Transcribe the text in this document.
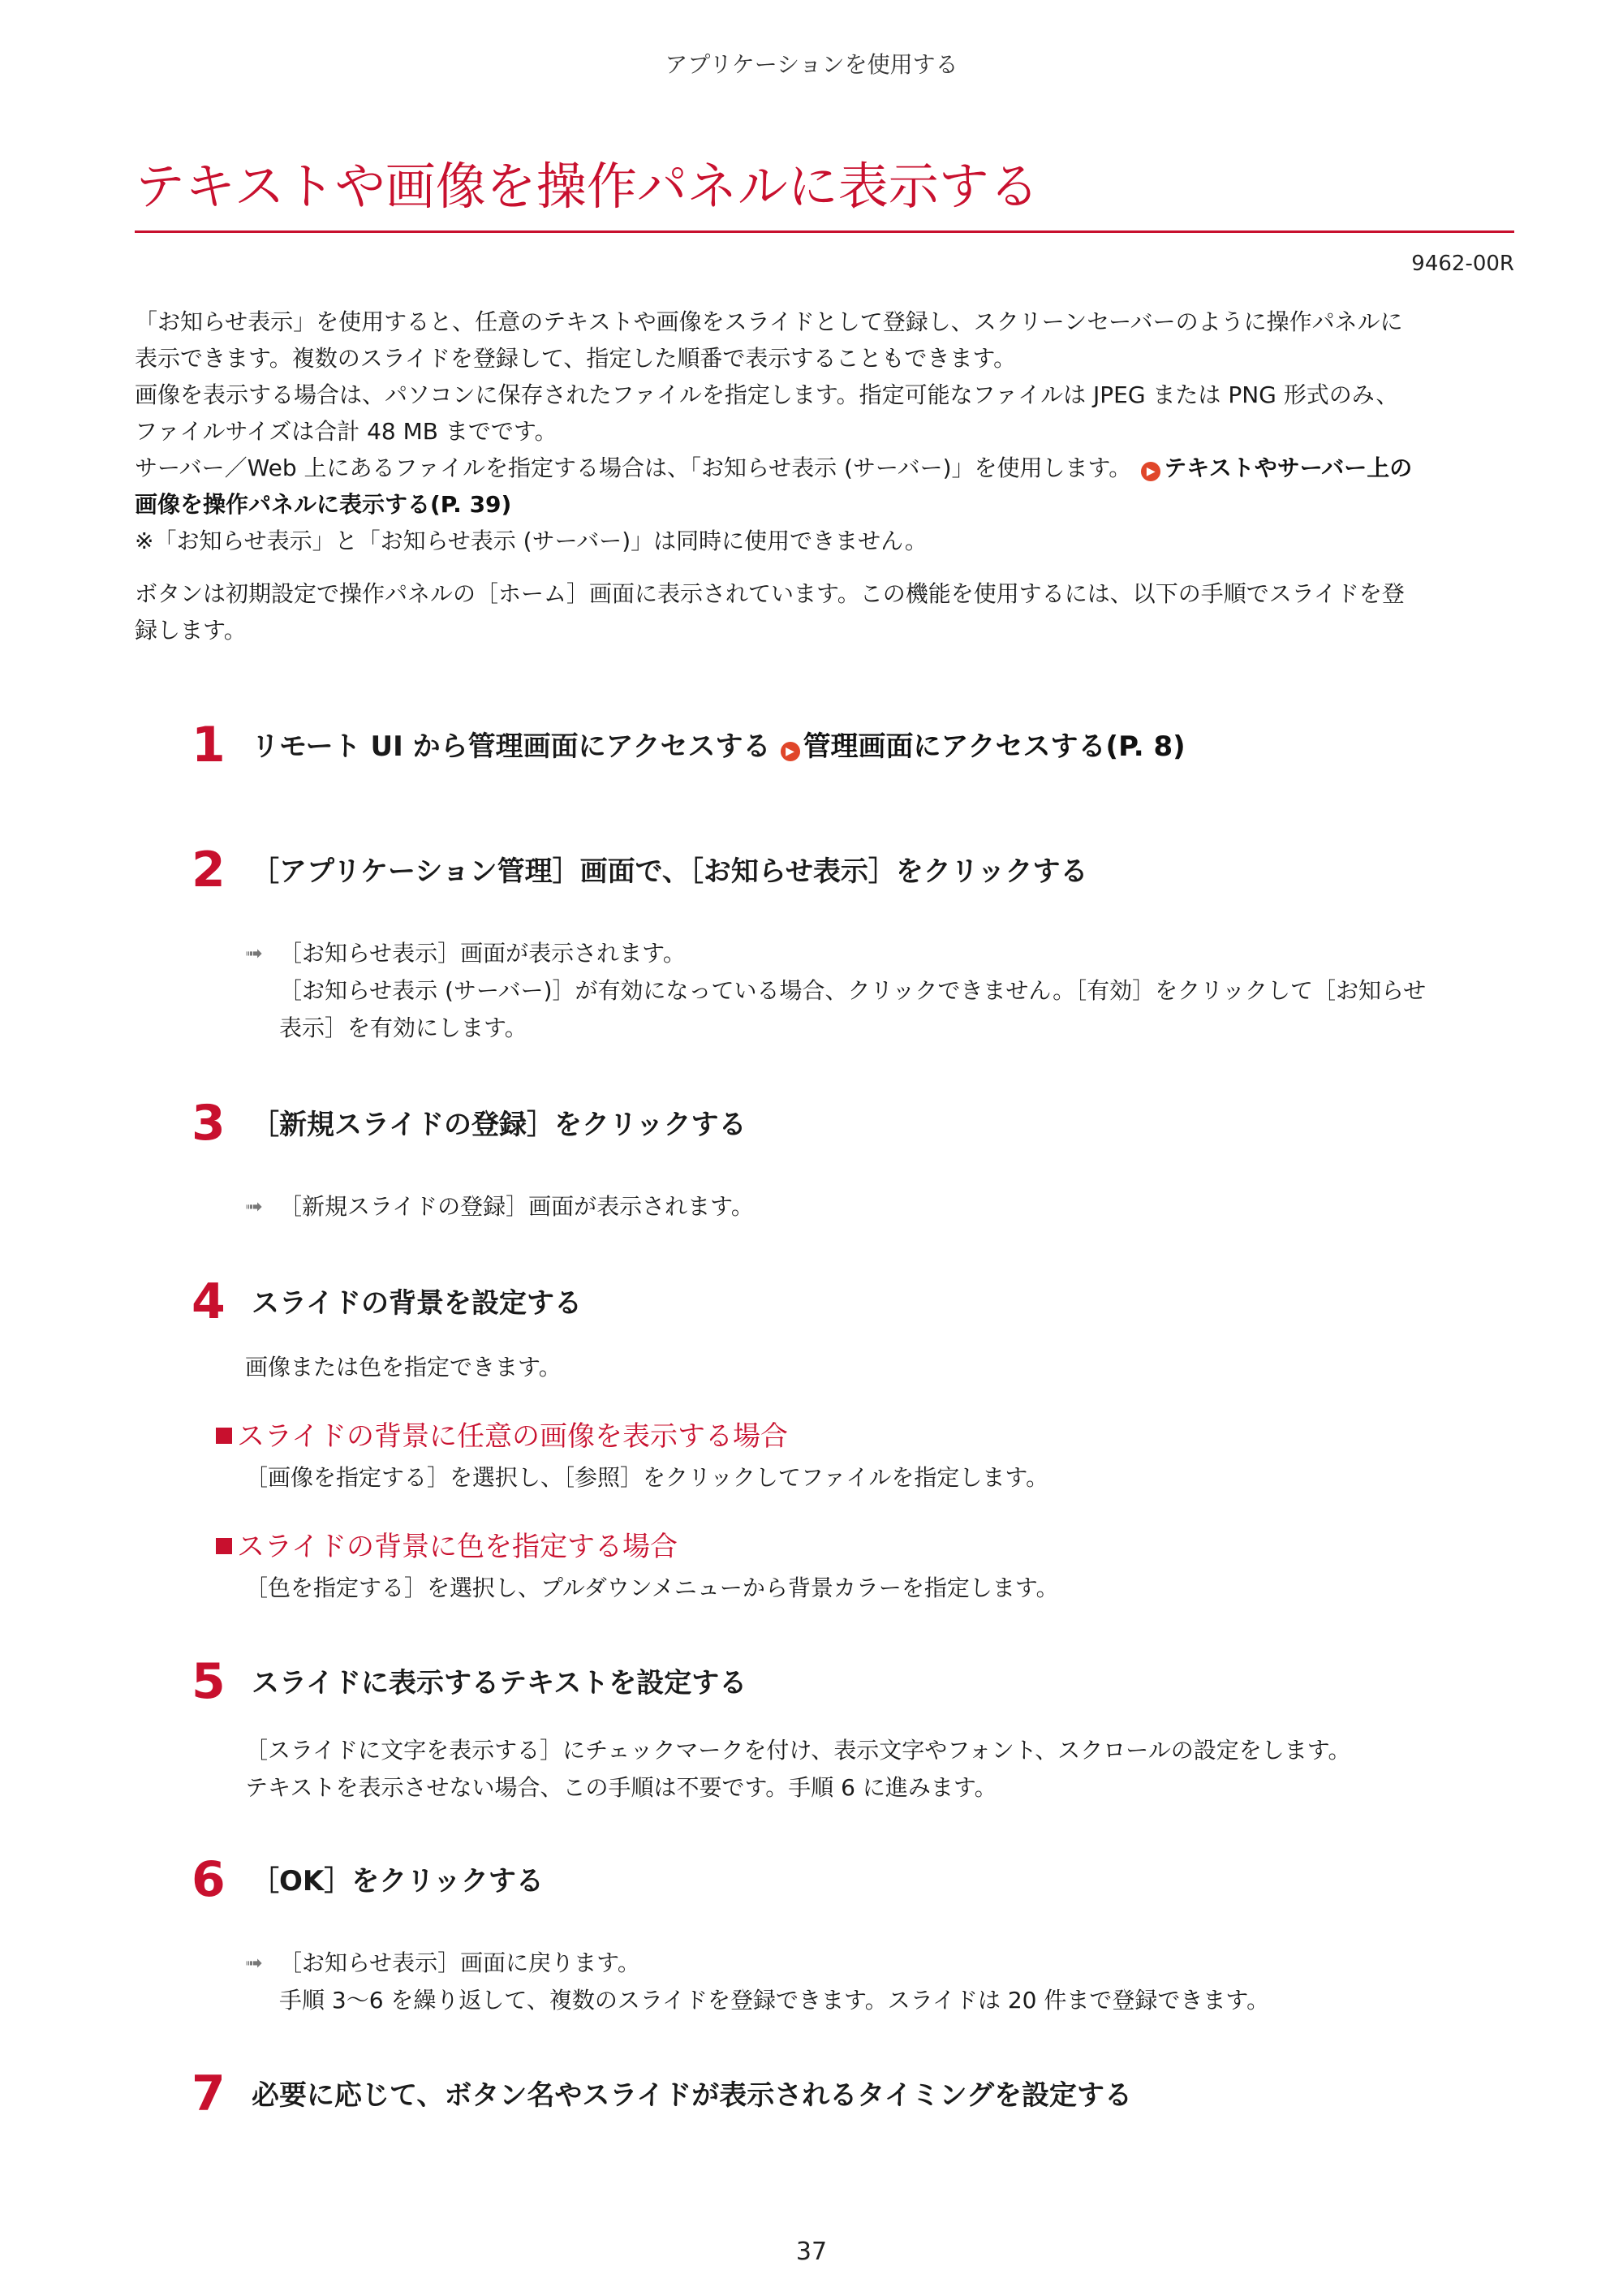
アプリケーションを使用する
テキストや画像を操作パネルに表示する
9462-00R

「お知らせ表示」を使用すると、任意のテキストや画像をスライドとして登録し、スクリーンセーバーのように操作パネルに

表示できます。複数のスライドを登録して、指定した順番で表示することもできます。

画像を表示する場合は、パソコンに保存されたファイルを指定します。指定可能なファイルは JPEG または PNG 形式のみ、

ファイルサイズは合計 48 MB までです。

サーバー／Web 上にあるファイルを指定する場合は、「お知らせ表示 (サーバー)」を使用します。 ▶ テキストやサーバー上の

画像を操作パネルに表示する(P. 39)

※「お知らせ表示」と「お知らせ表示 (サーバー)」は同時に使用できません。

ボタンは初期設定で操作パネルの［ホーム］画面に表示されています。この機能を使用するには、以下の手順でスライドを登

録します。

1 リモート UI から管理画面にアクセスする ▶ 管理画面にアクセスする(P. 8)
2 ［アプリケーション管理］画面で、［お知らせ表示］をクリックする
➟ ［お知らせ表示］画面が表示されます。
［お知らせ表示 (サーバー)］が有効になっている場合、クリックできません。［有効］をクリックして［お知らせ
表示］を有効にします。
3 ［新規スライドの登録］をクリックする
➟ ［新規スライドの登録］画面が表示されます。
4 スライドの背景を設定する
画像または色を指定できます。
スライドの背景に任意の画像を表示する場合
［画像を指定する］を選択し、［参照］をクリックしてファイルを指定します。
スライドの背景に色を指定する場合
［色を指定する］を選択し、プルダウンメニューから背景カラーを指定します。
5 スライドに表示するテキストを設定する
［スライドに文字を表示する］にチェックマークを付け、表示文字やフォント、スクロールの設定をします。
テキストを表示させない場合、この手順は不要です。手順 6 に進みます。
6 ［OK］をクリックする
➟ ［お知らせ表示］画面に戻ります。
手順 3～6 を繰り返して、複数のスライドを登録できます。スライドは 20 件まで登録できます。
7 必要に応じて、ボタン名やスライドが表示されるタイミングを設定する
37
